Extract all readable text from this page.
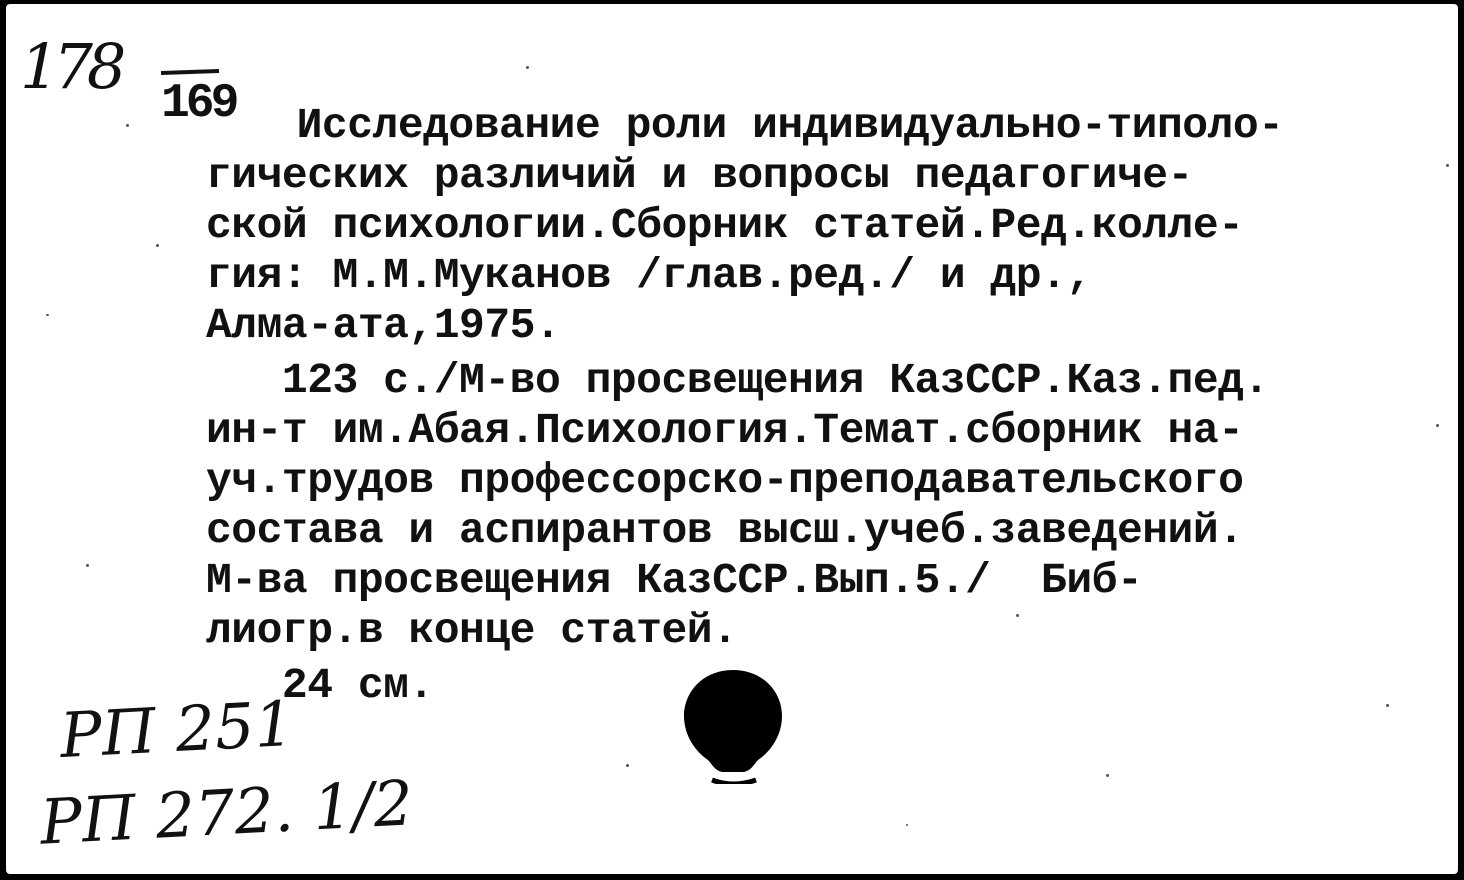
178
169 Исследование роли индивидуально-типоло-
гических различий и вопросы педагогиче-
ской психологии.Сборник статей.Ред.колле-
гия: М.М.Муканов /глав.ред./ и др.,
Алма-ата,1975.
123 с./М-во просвещения КазССР.Каз.пед.
ин-т им.Абая.Психология.Темат.сборник на-
уч.трудов профессорско-преподавательского
состава и аспирантов высш.учеб.заведений.
М-ва просвещения КазССР.Вып.5./  Биб-
лиогр.в конце статей.
24 см.
РП 251
РП 272. 1/2
